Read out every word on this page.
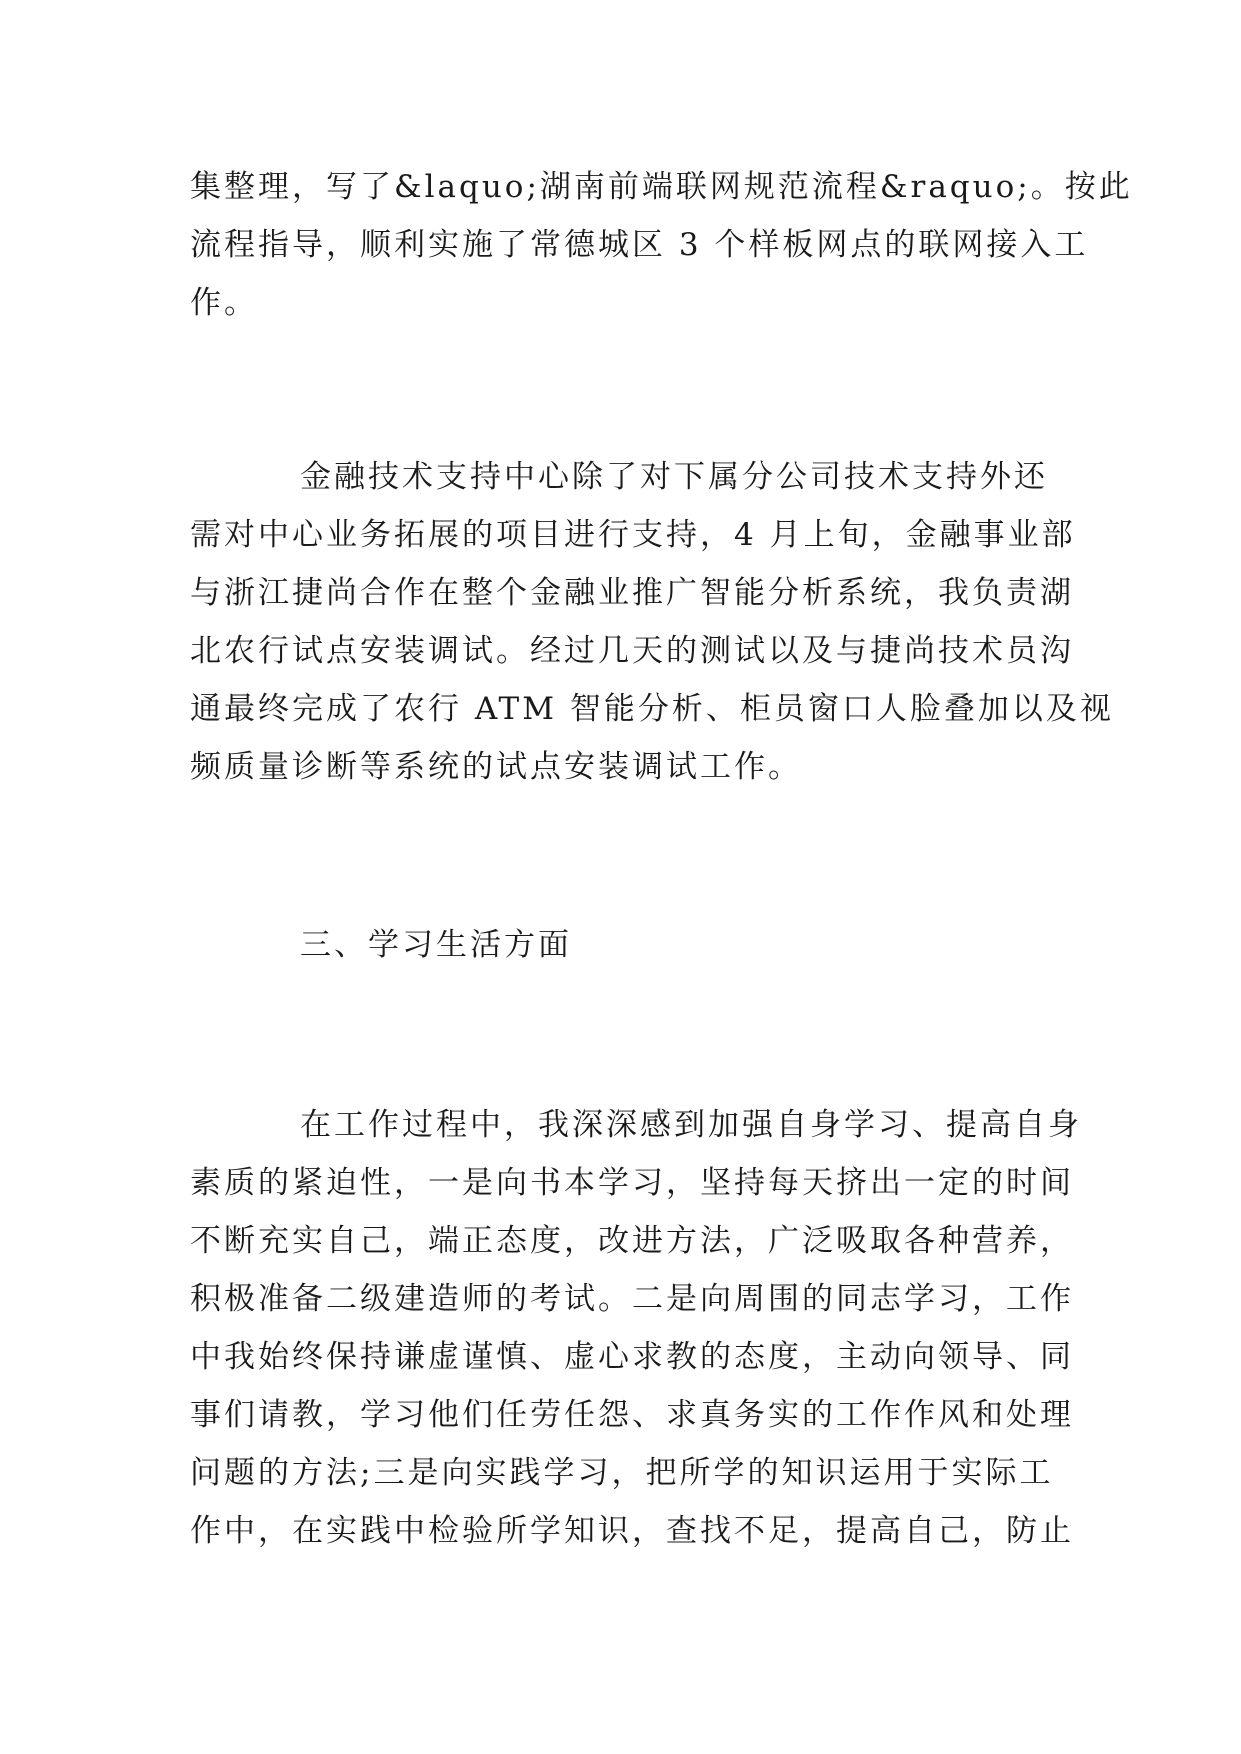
集整理，写了&laquo;湖南前端联网规范流程&raquo;。按此
流程指导，顺利实施了常德城区 3 个样板网点的联网接入工
作。
金融技术支持中心除了对下属分公司技术支持外还
需对中心业务拓展的项目进行支持，4 月上旬，金融事业部
与浙江捷尚合作在整个金融业推广智能分析系统，我负责湖
北农行试点安装调试。经过几天的测试以及与捷尚技术员沟
通最终完成了农行 ATM 智能分析、柜员窗口人脸叠加以及视
频质量诊断等系统的试点安装调试工作。
三、学习生活方面
在工作过程中，我深深感到加强自身学习、提高自身
素质的紧迫性，一是向书本学习，坚持每天挤出一定的时间
不断充实自己，端正态度，改进方法，广泛吸取各种营养，
积极准备二级建造师的考试。二是向周围的同志学习，工作
中我始终保持谦虚谨慎、虚心求教的态度，主动向领导、同
事们请教，学习他们任劳任怨、求真务实的工作作风和处理
问题的方法;三是向实践学习，把所学的知识运用于实际工
作中，在实践中检验所学知识，查找不足，提高自己，防止
